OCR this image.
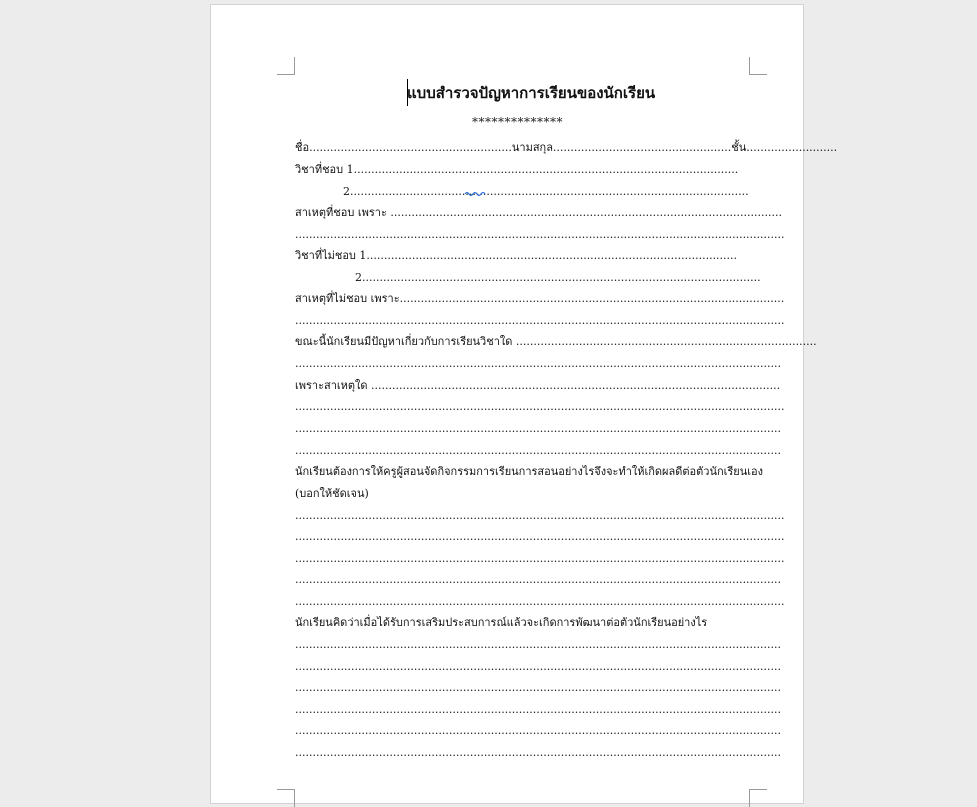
แบบสำรวจปัญหาการเรียนของนักเรียน
**************
ชื่อ..........................................................นามสกุล...................................................ชั้น..........................
วิชาที่ชอบ 1..............................................................................................................
2..................................................................................................................
สาเหตุที่ชอบ เพราะ ................................................................................................................
............................................................................................................................................
วิชาที่ไม่ชอบ 1..........................................................................................................
2..................................................................................................................
สาเหตุที่ไม่ชอบ เพราะ..............................................................................................................
............................................................................................................................................
ขณะนี้นักเรียนมีปัญหาเกี่ยวกับการเรียนวิชาใด ......................................................................................
...........................................................................................................................................
เพราะสาเหตุใด .....................................................................................................................
............................................................................................................................................
...........................................................................................................................................
...........................................................................................................................................
นักเรียนต้องการให้ครูผู้สอนจัดกิจกรรมการเรียนการสอนอย่างไรจึงจะทำให้เกิดผลดีต่อตัวนักเรียนเอง
(บอกให้ชัดเจน)
............................................................................................................................................
............................................................................................................................................
............................................................................................................................................
...........................................................................................................................................
............................................................................................................................................
นักเรียนคิดว่าเมื่อได้รับการเสริมประสบการณ์แล้วจะเกิดการพัฒนาต่อตัวนักเรียนอย่างไร
...........................................................................................................................................
...........................................................................................................................................
...........................................................................................................................................
...........................................................................................................................................
...........................................................................................................................................
...........................................................................................................................................
